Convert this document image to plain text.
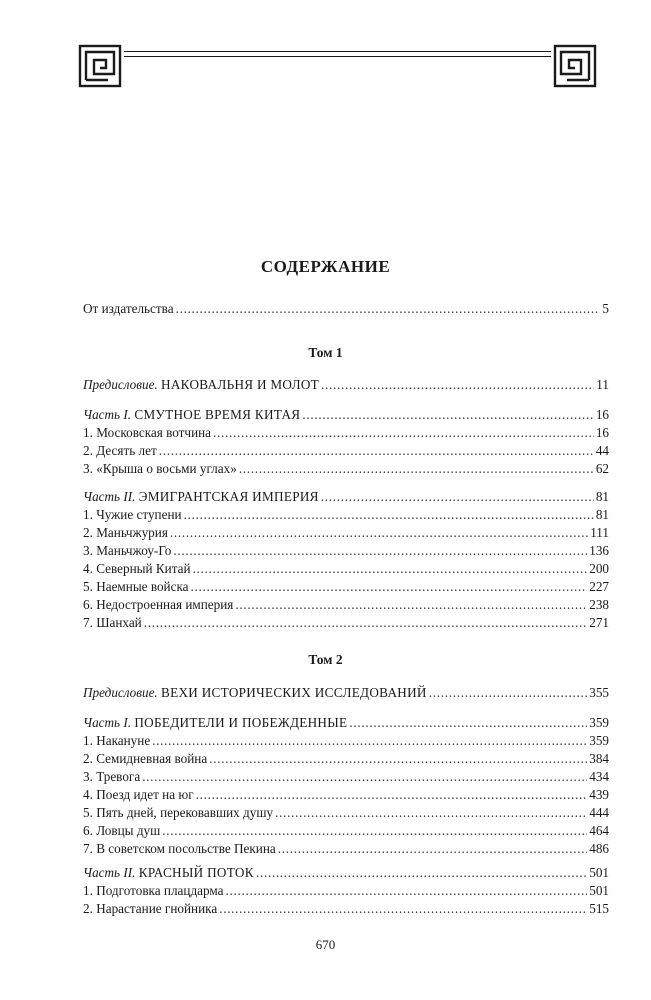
СОДЕРЖАНИЕ
От издательства . . .	5
Том 1
Предисловие. НАКОВАЛЬНЯ И МОЛОТ . . .	11
Часть I. СМУТНОЕ ВРЕМЯ КИТАЯ . . .	16
1. Московская вотчина . . .	16
2. Десять лет . . .	44
3. «Крыша о восьми углах» . . .	62
Часть II. ЭМИГРАНТСКАЯ ИМПЕРИЯ . . .	81
1. Чужие ступени . . .	81
2. Маньчжурия . . .	111
3. Маньчжоу-Го . . .	136
4. Северный Китай . . .	200
5. Наемные войска . . .	227
6. Недостроенная империя . . .	238
7. Шанхай . . .	271
Том 2
Предисловие. ВЕХИ ИСТОРИЧЕСКИХ ИССЛЕДОВАНИЙ . . .	355
Часть I. ПОБЕДИТЕЛИ И ПОБЕЖДЕННЫЕ . . .	359
1. Накануне . . .	359
2. Семидневная война . . .	384
3. Тревога . . .	434
4. Поезд идет на юг . . .	439
5. Пять дней, перековавших душу . . .	444
6. Ловцы душ . . .	464
7. В советском посольстве Пекина . . .	486
Часть II. КРАСНЫЙ ПОТОК . . .	501
1. Подготовка плацдарма . . .	501
2. Нарастание гнойника . . .	515
670
